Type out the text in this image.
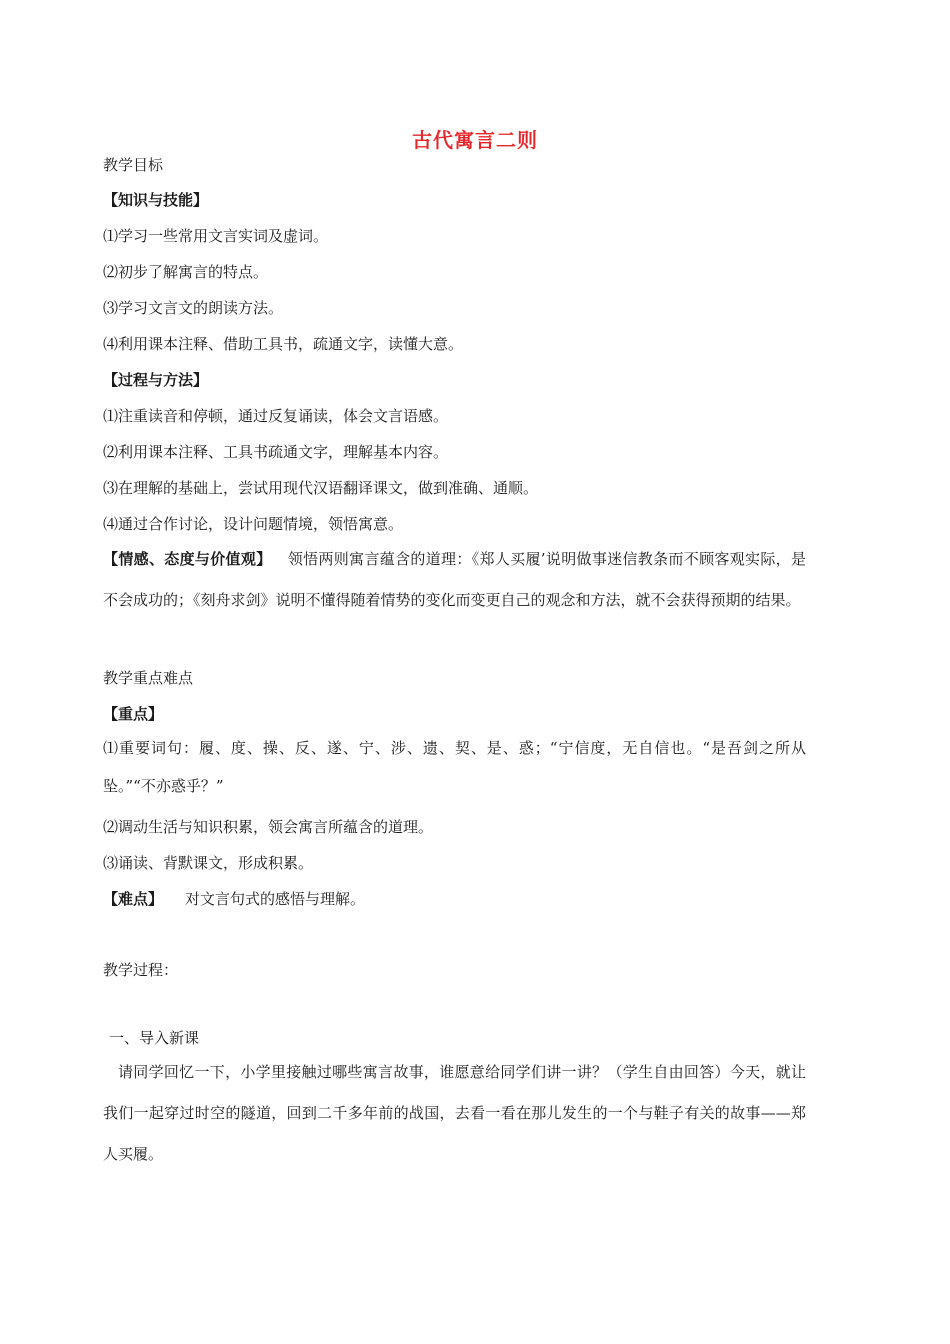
古代寓言二则
教学目标
【知识与技能】
⑴学习一些常用文言实词及虚词。
⑵初步了解寓言的特点。
⑶学习文言文的朗读方法。
⑷利用课本注释、借助工具书，疏通文字，读懂大意。
【过程与方法】
⑴注重读音和停顿，通过反复诵读，体会文言语感。
⑵利用课本注释、工具书疏通文字，理解基本内容。
⑶在理解的基础上，尝试用现代汉语翻译课文，做到准确、通顺。
⑷通过合作讨论，设计问题情境，领悟寓意。
【情感、态度与价值观】 领悟两则寓言蕴含的道理：《郑人买履’说明做事迷信教条而不顾客观实际，是不会成功的；《刻舟求剑》说明不懂得随着情势的变化而变更自己的观念和方法，就不会获得预期的结果。
教学重点难点
【重点】
⑴重要词句：履、度、操、反、遂、宁、涉、遗、契、是、惑；“宁信度，无自信也。“是吾剑之所从坠。”“不亦惑乎？”
⑵调动生活与知识积累，领会寓言所蕴含的道理。
⑶诵读、背默课文，形成积累。
【难点】 对文言句式的感悟与理解。
教学过程：
一、导入新课
请同学回忆一下，小学里接触过哪些寓言故事，谁愿意给同学们讲一讲？（学生自由回答）今天，就让我们一起穿过时空的隧道，回到二千多年前的战国，去看一看在那儿发生的一个与鞋子有关的故事——郑人买履。
